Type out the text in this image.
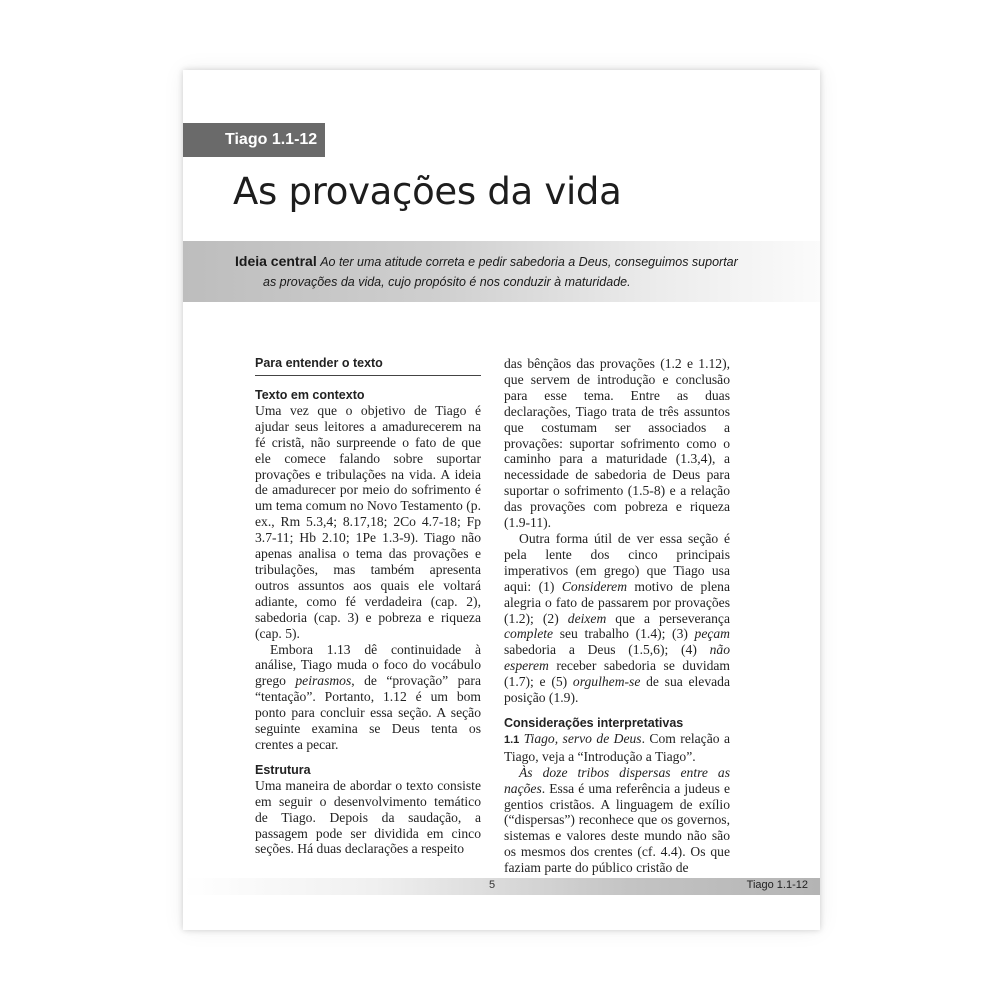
Tiago 1.1-12
As provações da vida
Ideia central Ao ter uma atitude correta e pedir sabedoria a Deus, conseguimos suportar
as provações da vida, cujo propósito é nos conduzir à maturidade.
Para entender o texto
Texto em contexto

Uma vez que o objetivo de Tiago é ajudar seus leitores a amadurecerem na fé cristã, não surpreende o fato de que ele comece falando sobre suportar provações e tribulações na vida. A ideia de amadurecer por meio do sofrimento é um tema comum no Novo Testamento (p. ex., Rm 5.3,4; 8.17,18; 2Co 4.7-18; Fp 3.7-11; Hb 2.10; 1Pe 1.3-9). Tiago não apenas analisa o tema das provações e tribulações, mas também apresenta outros assuntos aos quais ele voltará adiante, como fé verdadeira (cap. 2), sabedoria (cap. 3) e pobreza e riqueza (cap. 5).

Embora 1.13 dê continuidade à análise, Tiago muda o foco do vocábulo grego peirasmos, de “provação” para “tentação”. Portanto, 1.12 é um bom ponto para concluir essa seção. A seção seguinte examina se Deus tenta os crentes a pecar.

Estrutura

Uma maneira de abordar o texto consiste em seguir o desenvolvimento temático de Tiago. Depois da saudação, a passagem pode ser dividida em cinco seções. Há duas declarações a respeito

das bênçãos das provações (1.2 e 1.12), que servem de introdução e conclusão para esse tema. Entre as duas declarações, Tiago trata de três assuntos que costumam ser associados a provações: suportar sofrimento como o caminho para a maturidade (1.3,4), a necessidade de sabedoria de Deus para suportar o sofrimento (1.5-8) e a relação das provações com pobreza e riqueza (1.9-11).

Outra forma útil de ver essa seção é pela lente dos cinco principais imperativos (em grego) que Tiago usa aqui: (1) Considerem motivo de plena alegria o fato de passarem por provações (1.2); (2) deixem que a perseverança complete seu trabalho (1.4); (3) peçam sabedoria a Deus (1.5,6); (4) não esperem receber sabedoria se duvidam (1.7); e (5) orgulhem-se de sua elevada posição (1.9).

Considerações interpretativas

1.1 Tiago, servo de Deus. Com relação a Tiago, veja a “Introdução a Tiago”.

Às doze tribos dispersas entre as nações. Essa é uma referência a judeus e gentios cristãos. A linguagem de exílio (“dispersas”) reconhece que os governos, sistemas e valores deste mundo não são os mesmos dos crentes (cf. 4.4). Os que faziam parte do público cristão de

5	Tiago 1.1-12
